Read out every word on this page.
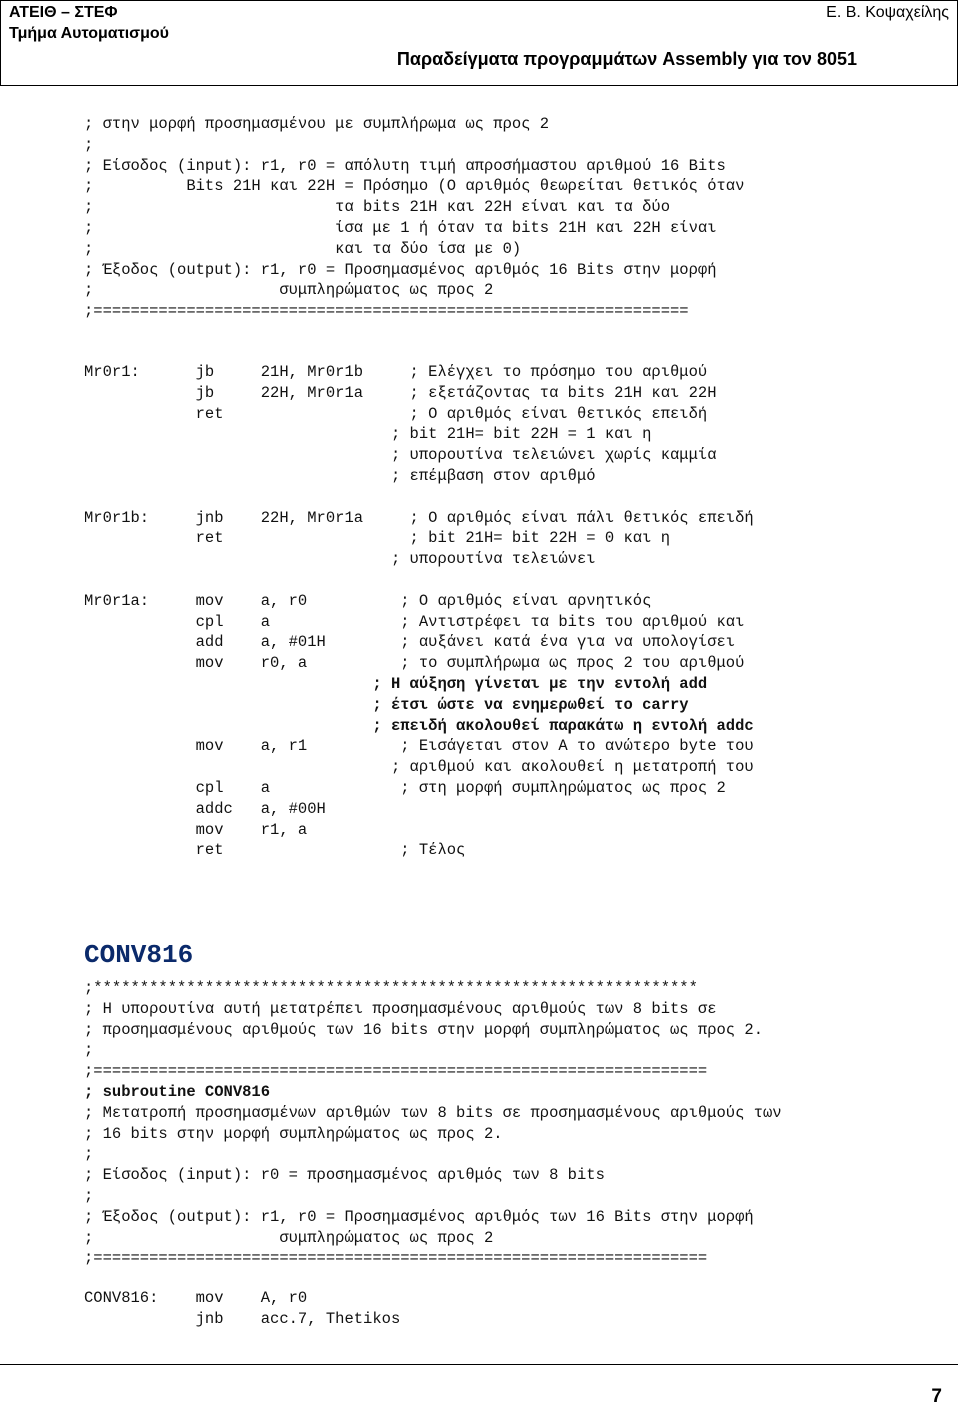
ΑΤΕΙΘ – ΣΤΕΦ
Τμήμα Αυτοματισμού
Ε. Β. Κοψαχείλης
Παραδείγματα προγραμμάτων Assembly για τον 8051
; στην μορφή προσημασμένου με συμπλήρωμα ως προς 2
;
; Είσοδος (input): r1, r0 = απόλυτη τιμή απροσήμαστου αριθμού 16 Bits
;          Bits 21H και 22H = Πρόσημο (Ο αριθμός θεωρείται θετικός όταν
;                          τα bits 21H και 22H είναι και τα δύο
;                          ίσα με 1 ή όταν τα bits 21H και 22H είναι
;                          και τα δύο ίσα με 0)
; Έξοδος (output): r1, r0 = Προσημασμένος αριθμός 16 Bits στην μορφή
;                    συμπληρώματος ως προς 2
;================================================================
Mr0r1:      jb     21H, Mr0r1b     ; Ελέγχει το πρόσημο του αριθμού
jb     22H, Mr0r1a     ; εξετάζοντας τα bits 21H και 22H
ret                    ; Ο αριθμός είναι θετικός επειδή
; bit 21H= bit 22H = 1 και η
; υπορουτίνα τελειώνει χωρίς καμμία
; επέμβαση στον αριθμό
Mr0r1b:     jnb    22H, Mr0r1a     ; Ο αριθμός είναι πάλι θετικός επειδή
ret                    ; bit 21H= bit 22H = 0 και η
; υπορουτίνα τελειώνει
Mr0r1a:     mov    a, r0          ; Ο αριθμός είναι αρνητικός
cpl    a              ; Αντιστρέφει τα bits του αριθμού και
add    a, #01H        ; αυξάνει κατά ένα για να υπολογίσει
mov    r0, a          ; το συμπλήρωμα ως προς 2 του αριθμού
; Η αύξηση γίνεται με την εντολή add
; έτσι ώστε να ενημερωθεί το carry
; επειδή ακολουθεί παρακάτω η εντολή addc
mov    a, r1          ; Εισάγεται στον A το ανώτερο byte του
; αριθμού και ακολουθεί η μετατροπή του
cpl    a              ; στη μορφή συμπληρώματος ως προς 2
addc   a, #00H
mov    r1, a
ret                   ; Τέλος
CONV816
;*****************************************************************
; Η υπορουτίνα αυτή μετατρέπει προσημασμένους αριθμούς των 8 bits σε
; προσημασμένους αριθμούς των 16 bits στην μορφή συμπληρώματος ως προς 2.
;
;==================================================================
; subroutine CONV816
; Μετατροπή προσημασμένων αριθμών των 8 bits σε προσημασμένους αριθμούς των
; 16 bits στην μορφή συμπληρώματος ως προς 2.
;
; Είσοδος (input): r0 = προσημασμένος αριθμός των 8 bits
;
; Έξοδος (output): r1, r0 = Προσημασμένος αριθμός των 16 Bits στην μορφή
;                    συμπληρώματος ως προς 2
;==================================================================
CONV816:    mov    A, r0
jnb    acc.7, Thetikos
7
